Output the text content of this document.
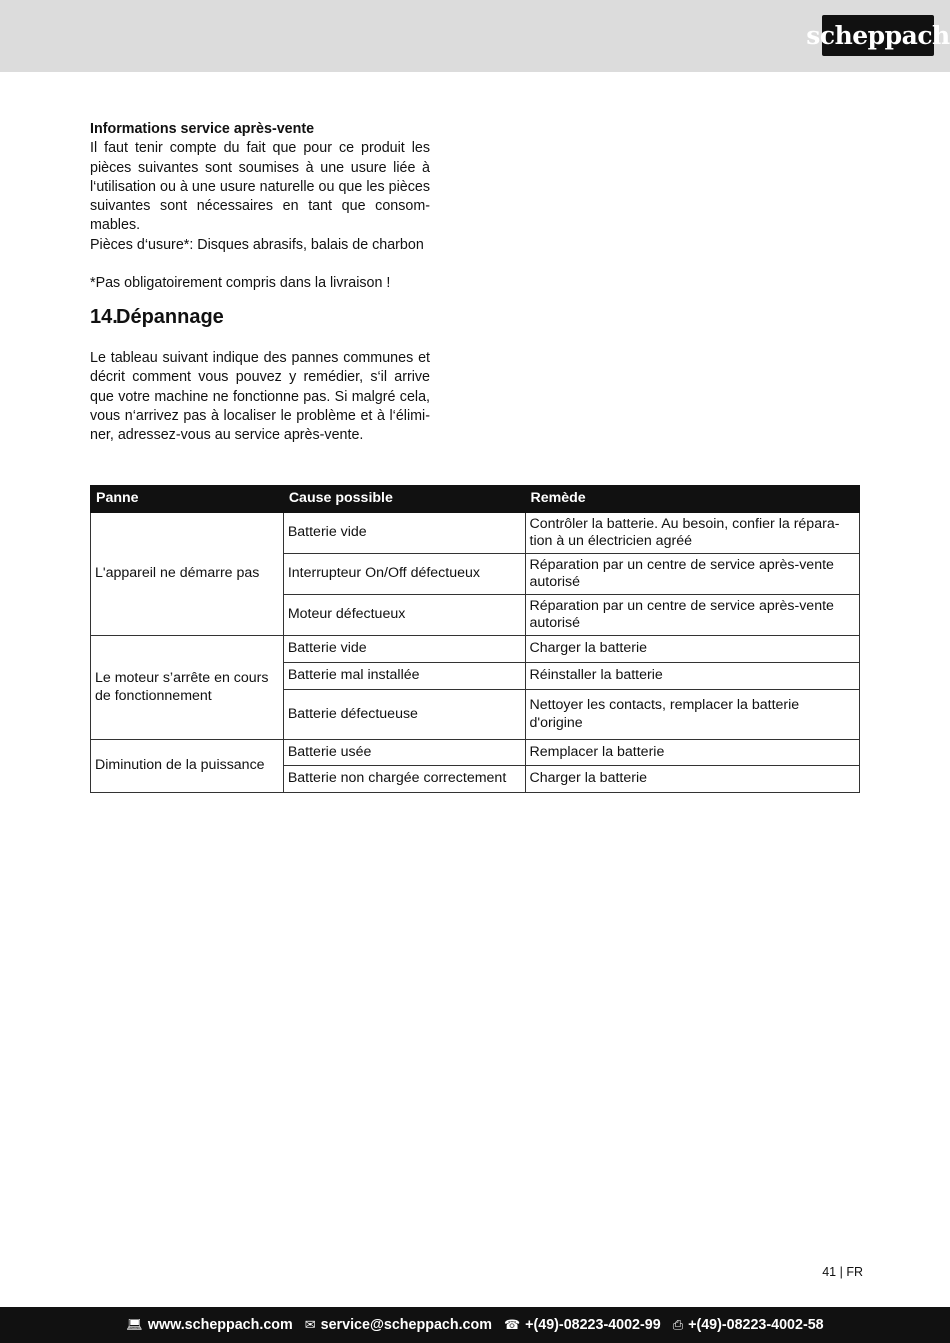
scheppach
Informations service après-vente
Il faut tenir compte du fait que pour ce produit les pièces suivantes sont soumises à une usure liée à l‘utilisation ou à une usure naturelle ou que les pièces suivantes sont nécessaires en tant que consom-mables.
Pièces d‘usure*: Disques abrasifs, balais de charbon
*Pas obligatoirement compris dans la livraison !
14.Dépannage
Le tableau suivant indique des pannes communes et décrit comment vous pouvez y remédier, s‘il arrive que votre machine ne fonctionne pas. Si malgré cela, vous n‘arrivez pas à localiser le problème et à l‘élimi-ner, adressez-vous au service après-vente.
Panne	Cause possible	Remède
L'appareil ne démarre pas	Batterie vide	Contrôler la batterie. Au besoin, confier la répara-tion à un électricien agréé
	Interrupteur On/Off défectueux	Réparation par un centre de service après-vente autorisé
	Moteur défectueux	Réparation par un centre de service après-vente autorisé
Le moteur s’arrête en cours de fonctionnement	Batterie vide	Charger la batterie
	Batterie mal installée	Réinstaller la batterie
	Batterie défectueuse	Nettoyer les contacts, remplacer la batterie d'origine
Diminution de la puissance	Batterie usée	Remplacer la batterie
	Batterie non chargée correctement	Charger la batterie
41 | FR
💻︎ www.scheppach.com ✉︎ service@scheppach.com ☎︎ +(49)-08223-4002-99 ⎙ +(49)-08223-4002-58
